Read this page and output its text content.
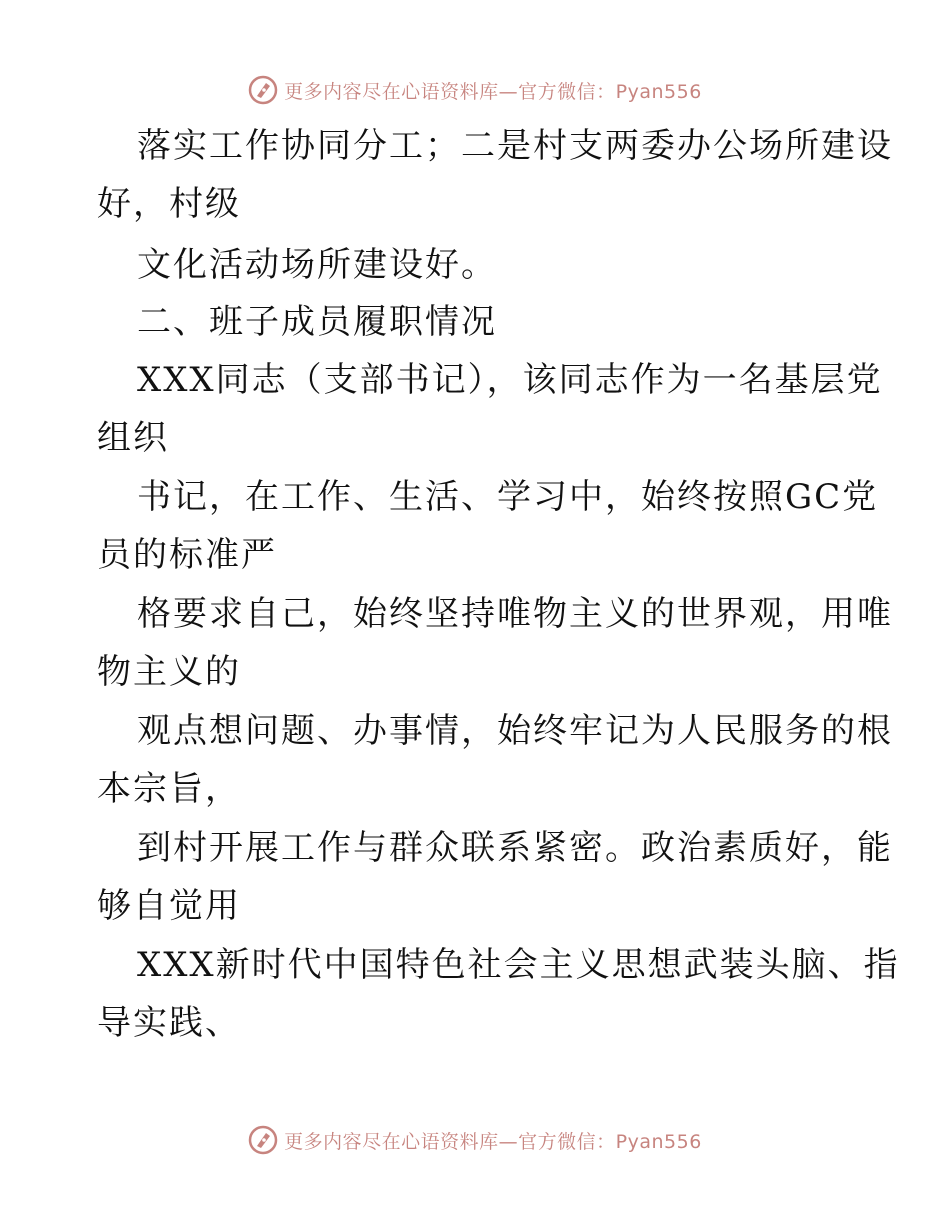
更多内容尽在心语资料库—官方微信：Pyan556
落实工作协同分工；二是村支两委办公场所建设
好，村级
文化活动场所建设好。
二、班子成员履职情况
XXX同志（支部书记），该同志作为一名基层党
组织
书记，在工作、生活、学习中，始终按照GC党
员的标准严
格要求自己，始终坚持唯物主义的世界观，用唯
物主义的
观点想问题、办事情，始终牢记为人民服务的根
本宗旨，
到村开展工作与群众联系紧密。政治素质好，能
够自觉用
XXX新时代中国特色社会主义思想武装头脑、指
导实践、
更多内容尽在心语资料库—官方微信：Pyan556
